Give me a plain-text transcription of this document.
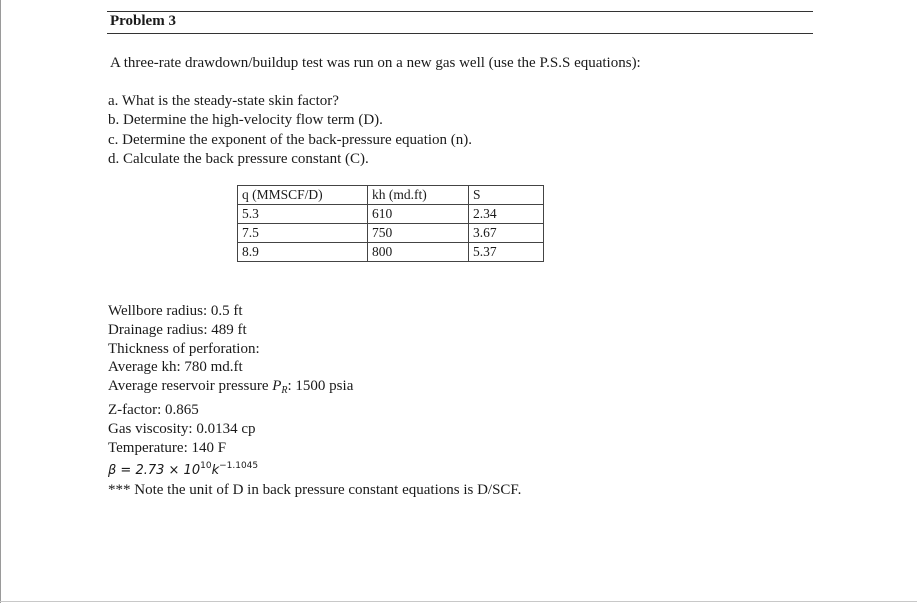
Problem 3
A three-rate drawdown/buildup test was run on a new gas well (use the P.S.S equations):
a. What is the steady-state skin factor?
b. Determine the high-velocity flow term (D).
c. Determine the exponent of the back-pressure equation (n).
d. Calculate the back pressure constant (C).
q (MMSCF/D)	kh (md.ft)	S
5.3	610	2.34
7.5	750	3.67
8.9	800	5.37
Wellbore radius: 0.5 ft
Drainage radius: 489 ft
Thickness of perforation:
Average kh: 780 md.ft
Average reservoir pressure $P_R$: 1500 psia
Z-factor: 0.865
Gas viscosity: 0.0134 cp
Temperature: 140 F
$\beta = 2.73 \times 10^{10}k^{-1.1045}$
*** Note the unit of D in back pressure constant equations is D/SCF.
